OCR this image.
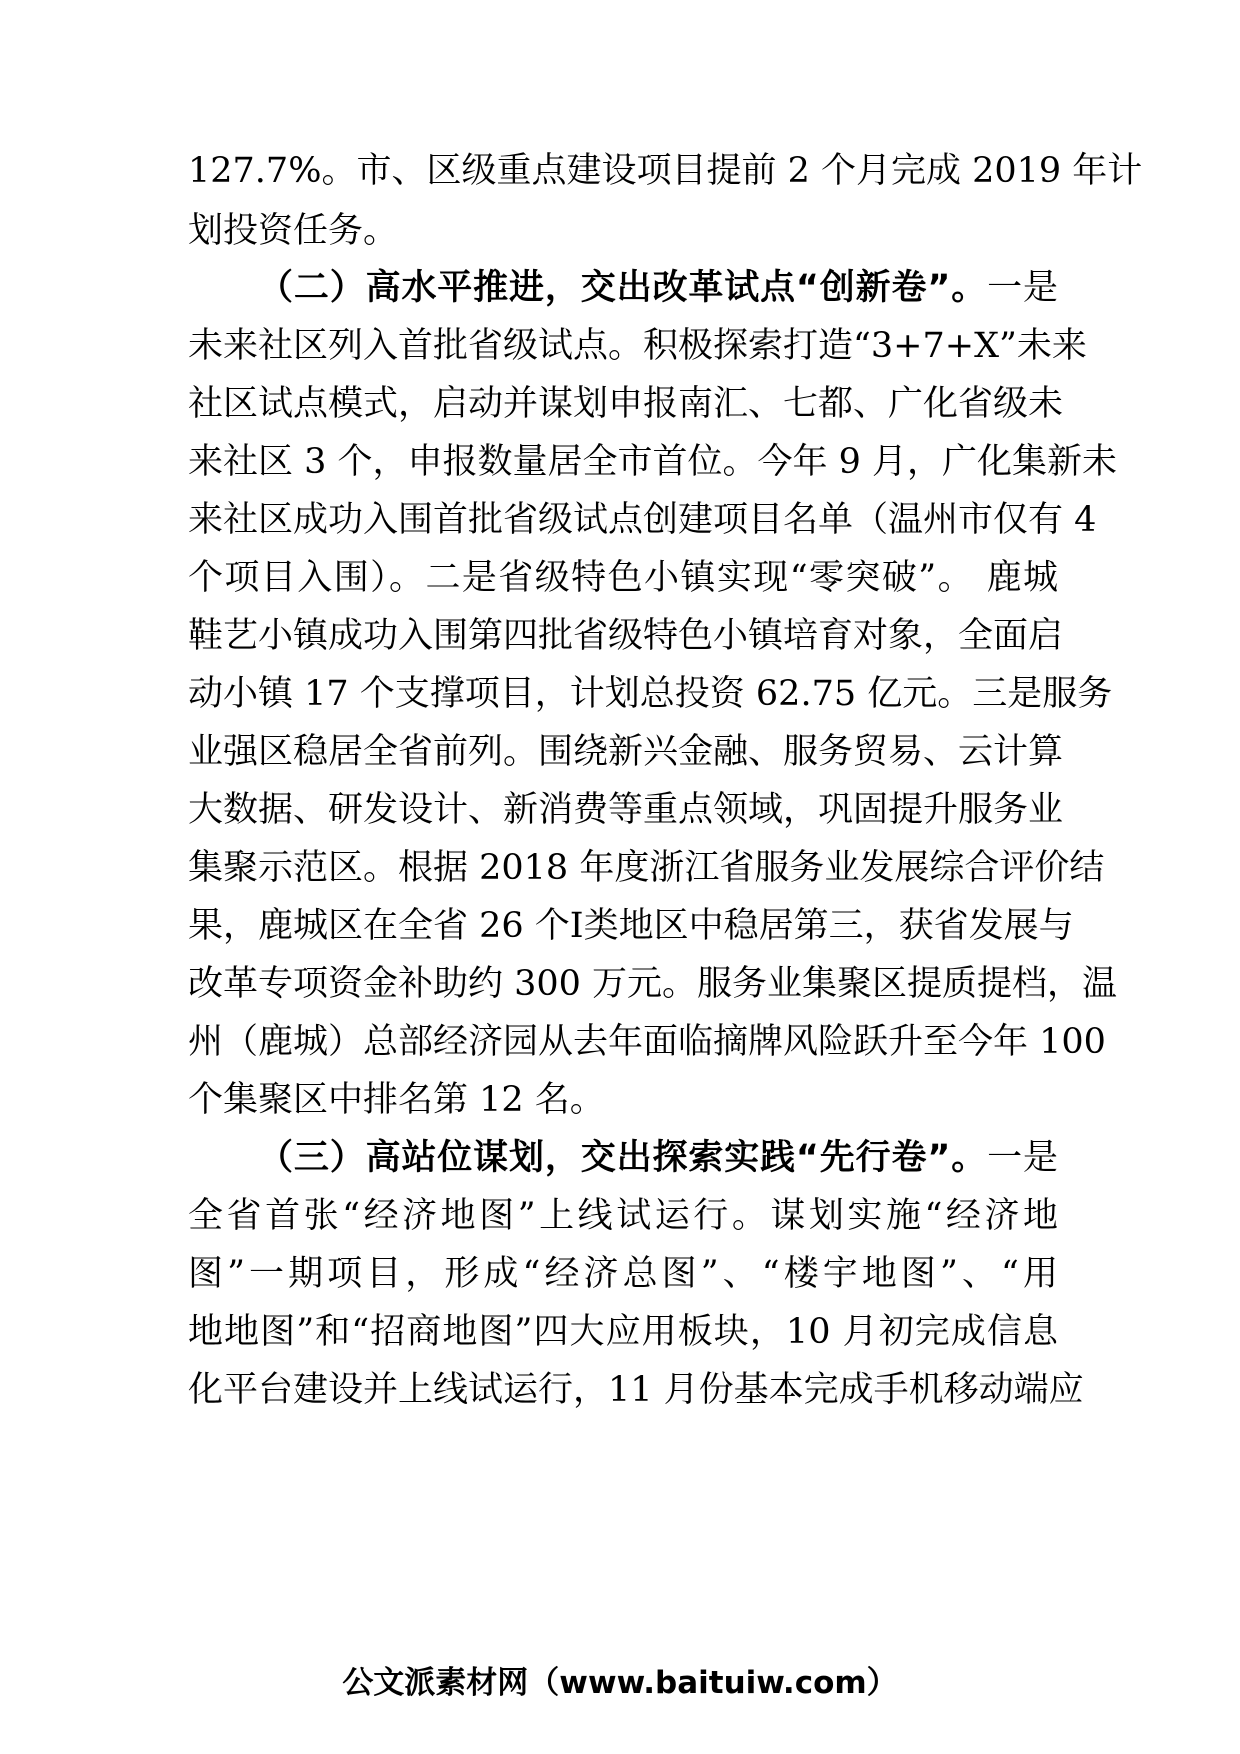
127.7%。市、区级重点建设项目提前 2 个月完成 2019 年计
划投资任务。
（二）高水平推进，交出改革试点“创新卷”。一是
未来社区列入首批省级试点。积极探索打造“3+7+X”未来
社区试点模式，启动并谋划申报南汇、七都、广化省级未
来社区 3 个，申报数量居全市首位。今年 9 月，广化集新未
来社区成功入围首批省级试点创建项目名单（温州市仅有 4
个项目入围）。二是省级特色小镇实现“零突破”。 鹿城
鞋艺小镇成功入围第四批省级特色小镇培育对象，全面启
动小镇 17 个支撑项目，计划总投资 62.75 亿元。三是服务
业强区稳居全省前列。围绕新兴金融、服务贸易、云计算
大数据、研发设计、新消费等重点领域，巩固提升服务业
集聚示范区。根据 2018 年度浙江省服务业发展综合评价结
果，鹿城区在全省 26 个Ⅰ类地区中稳居第三，获省发展与
改革专项资金补助约 300 万元。服务业集聚区提质提档，温
州（鹿城）总部经济园从去年面临摘牌风险跃升至今年 100
个集聚区中排名第 12 名。
（三）高站位谋划，交出探索实践“先行卷”。一是
全省首张“经济地图”上线试运行。谋划实施“经济地
图”一期项目，形成“经济总图”、“楼宇地图”、“用
地地图”和“招商地图”四大应用板块，10 月初完成信息
化平台建设并上线试运行，11 月份基本完成手机移动端应
公文派素材网（www.baituiw.com）
